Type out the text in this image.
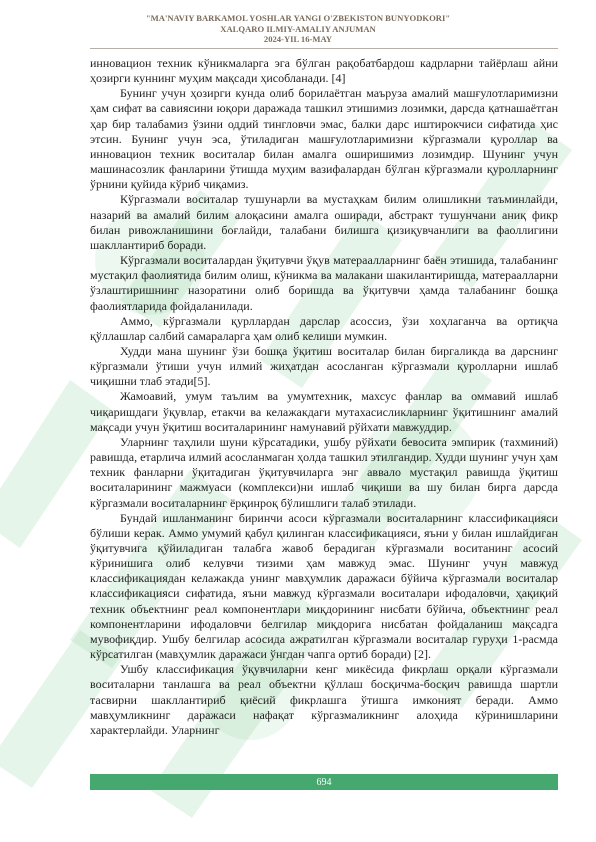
"MA'NAVIY BARKAMOL YOSHLAR YANGI O'ZBEKISTON BUNYODKORI"
XALQARO ILMIY-AMALIY ANJUMAN
2024-YIL 16-MAY

инновацион техник кўникмаларга эга бўлган рақобатбардош кадрларни тайёрлаш айни ҳозирги куннинг муҳим мақсади ҳисобланади. [4]

Бунинг учун ҳозирги кунда олиб борилаётган маъруза амалий машғулотларимизни ҳам сифат ва савиясини юқори даражада ташкил этишимиз лозимки, дарсда қатнашаётган ҳар бир талабамиз ўзини оддий тингловчи эмас, балки дарс иштирокчиси сифатида ҳис этсин. Бунинг учун эса, ўтиладиган машғулотларимизни кўргазмали қуроллар ва инновацион техник воситалар билан амалга оширишимиз лозимдир. Шунинг учун машинасозлик фанларини ўтишда муҳим вазифалардан бўлган кўргазмали қуролларнинг ўрнини қуйида кўриб чиқамиз.

Кўргазмали воситалар тушунарли ва мустаҳкам билим олишликни таъминлайди, назарий ва амалий билим алоқасини амалга оширади, абстракт тушунчани аниқ фикр билан ривожланишини боғлайди, талабани билишга қизиқувчанлиги ва фаоллигини шакллантириб боради.

Кўргазмали воситалардан ўқитувчи ўқув матераалларнинг баён этишида, талабанинг мустақил фаолиятида билим олиш, кўникма ва малакани шакилантиришда, матераалларни ўзлаштиришнинг назоратини олиб боришда ва ўқитувчи ҳамда талабанинг бошқа фаолиятларида фойдаланилади.

Аммо, кўргазмали қурллардан дарслар асоссиз, ўзи хоҳлаганча ва ортиқча қўллашлар салбий самараларга ҳам олиб келиши мумкин.

Худди мана шунинг ўзи бошқа ўқитиш воситалар билан биргаликда ва дарснинг кўргазмали ўтиши учун илмий жиҳатдан асосланган кўргазмали қуролларни ишлаб чиқишни тлаб этади[5].

Жамоавий, умум таълим ва умумтехник, махсус фанлар ва оммавий ишлаб чиқаришдаги ўқувлар, етакчи ва келажакдаги мутахасисликларнинг ўқитишнинг амалий мақсади учун ўқитиш воситаларининг намунавий рўйхати мавжуддир.

Уларнинг таҳлили шуни кўрсатадики, ушбу рўйхати бевосита эмпирик (тахминий) равишда, етарлича илмий асосланмаган ҳолда ташкил этилгандир. Худди шунинг учун ҳам техник фанларни ўқитадиган ўқитувчиларга энг аввало мустақил равишда ўқитиш воситаларининг мажмуаси (комплекси)ни ишлаб чиқиши ва шу билан бирга дарсда кўргазмали воситаларнинг ёрқинроқ бўлишлиги талаб этилади.

Бундай ишланманинг биринчи асоси кўргазмали воситаларнинг классификацияси бўлиши керак. Аммо умумий қабул қилинган классификацияси, яъни у билан ишлайдиган ўқитувчига қўйиладиган талабга жавоб берадиган кўргазмали воситанинг асосий кўринишига олиб келувчи тизими ҳам мавжуд эмас. Шунинг учун мавжуд классификациядан келажакда унинг мавҳумлик даражаси бўйича кўргазмали воситалар классификацияси сифатида, яъни мавжуд кўргазмали воситалари ифодаловчи, ҳақиқий техник объектнинг реал компонентлари миқдорининг нисбати бўйича, объектнинг реал компонентларини ифодаловчи белгилар миқдорига нисбатан фойдаланиш мақсадга мувофиқдир. Ушбу белгилар асосида ажратилган кўргазмали воситалар гуруҳи 1-расмда кўрсатилган (мавҳумлик даражаси ўнгдан чапга ортиб боради) [2].

Ушбу классификация ўқувчиларни кенг микёсида фикрлаш орқали кўргазмали воситаларни танлашга ва реал объектни қўллаш босқичма-босқич равишда шартли тасвирни шакллантириб қиёсий фикрлашга ўтишга имконият беради. Аммо мавҳумликнинг даражаси нафақат кўргазмаликнинг алоҳида кўринишларини характерлайди. Уларнинг

694
